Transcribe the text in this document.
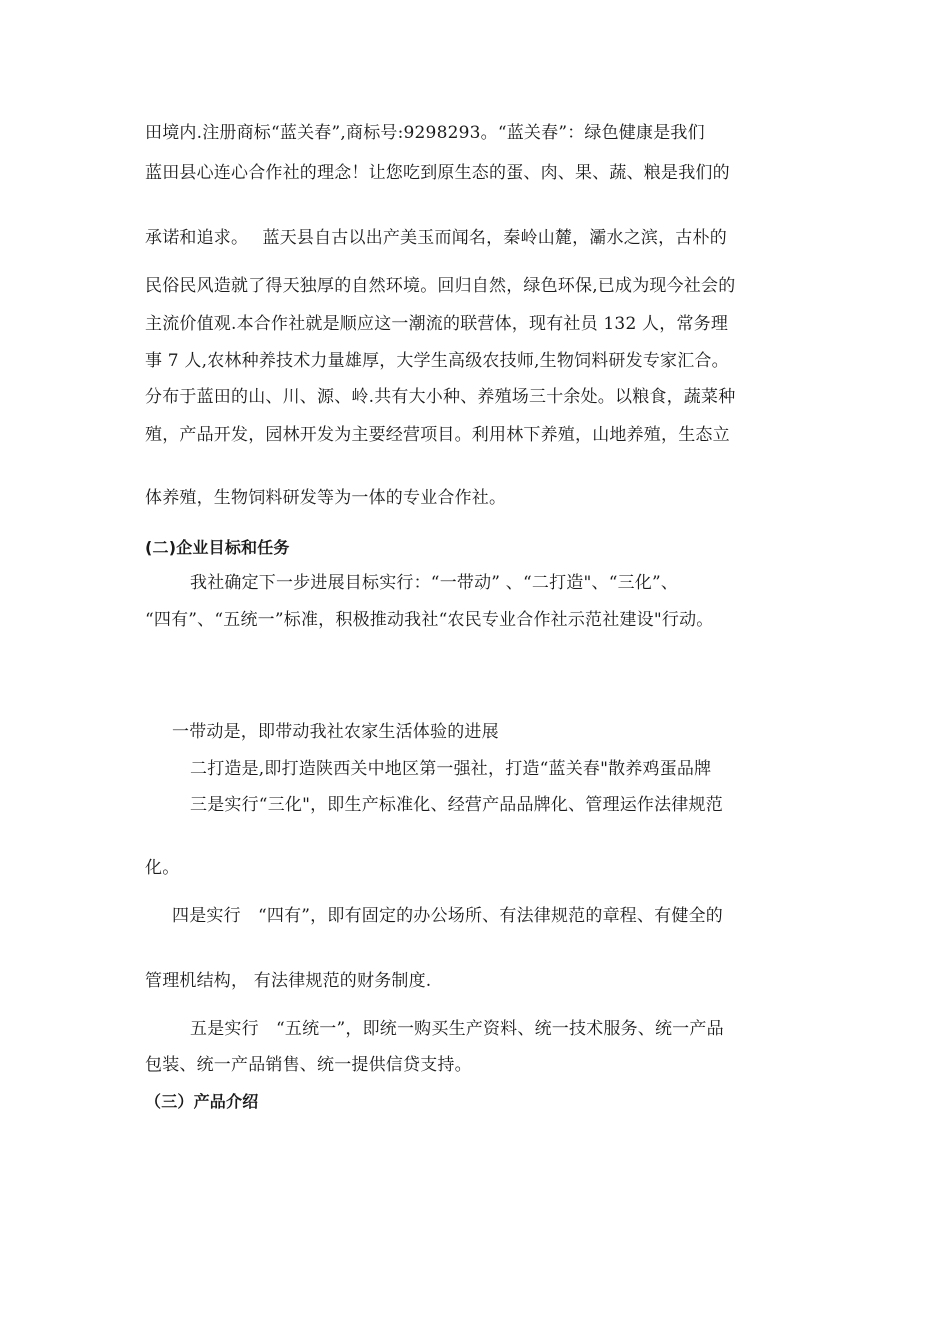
田境内.注册商标“蓝关春”,商标号:9298293。“蓝关春”：绿色健康是我们
蓝田县心连心合作社的理念！让您吃到原生态的蛋、肉、果、蔬、粮是我们的
承诺和追求。　 蓝天县自古以出产美玉而闻名，秦岭山麓，灞水之滨，古朴的
民俗民风造就了得天独厚的自然环境。回归自然，绿色环保,已成为现今社会的
主流价值观.本合作社就是顺应这一潮流的联营体，现有社员 132 人，常务理
事 7 人,农林种养技术力量雄厚，大学生高级农技师,生物饲料研发专家汇合。
分布于蓝田的山、川、源、岭.共有大小种、养殖场三十余处。以粮食，蔬菜种
殖，产品开发，园林开发为主要经营项目。利用林下养殖，山地养殖，生态立
体养殖，生物饲料研发等为一体的专业合作社。
(二)企业目标和任务
我社确定下一步进展目标实行：“一带动” 、“二打造"、“三化”、
“四有”、“五统一”标准，积极推动我社“农民专业合作社示范社建设"行动。
一带动是，即带动我社农家生活体验的进展
二打造是,即打造陕西关中地区第一强社，打造“蓝关春"散养鸡蛋品牌
三是实行“三化"，即生产标准化、经营产品品牌化、管理运作法律规范
化。
四是实行　“四有”，即有固定的办公场所、有法律规范的章程、有健全的
管理机结构， 有法律规范的财务制度.
五是实行　“五统一”，即统一购买生产资料、统一技术服务、统一产品
包装、统一产品销售、统一提供信贷支持。
（三）产品介绍
